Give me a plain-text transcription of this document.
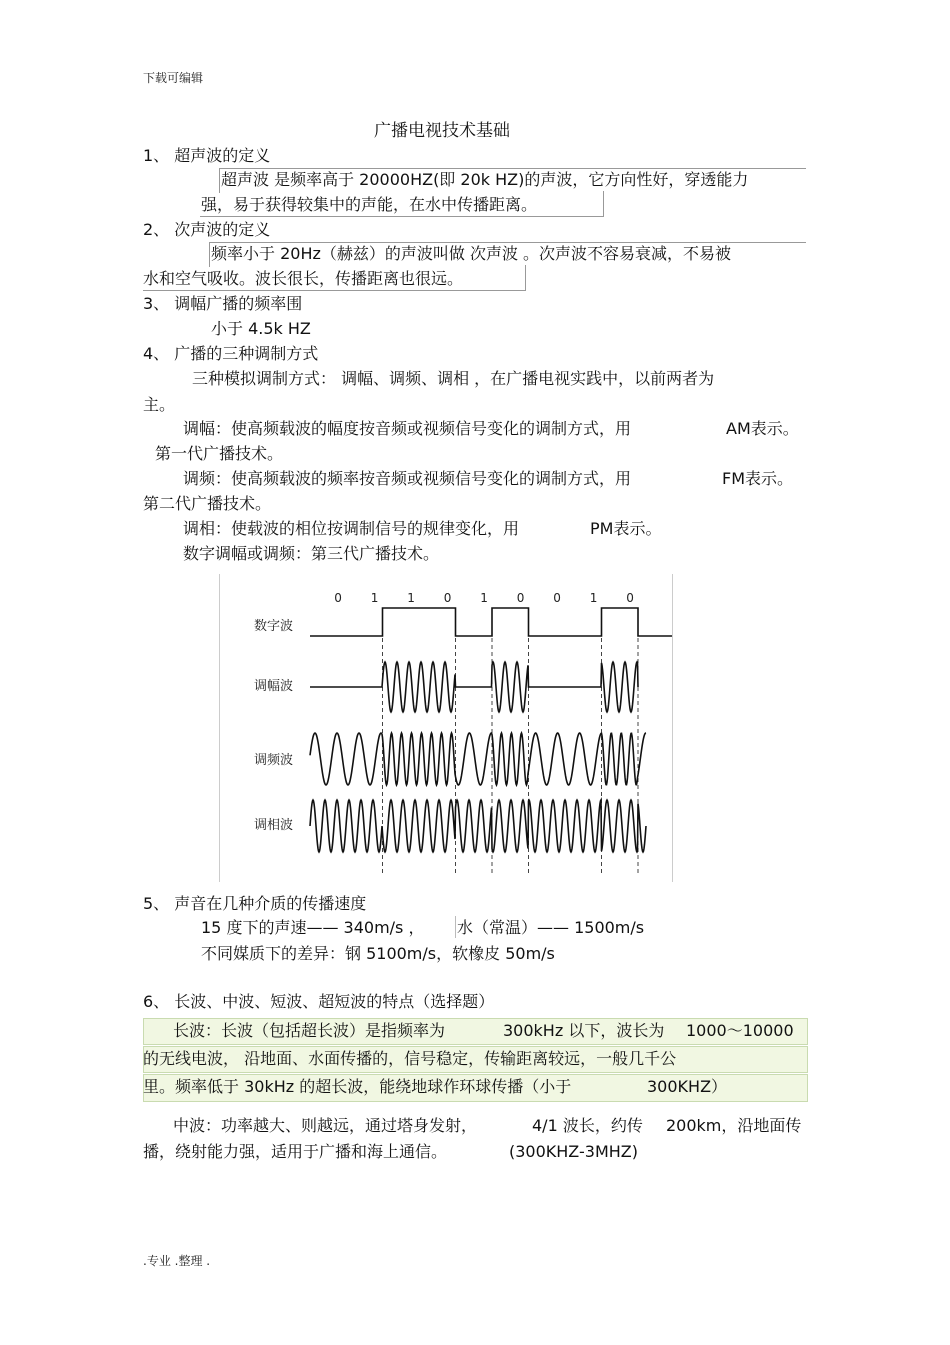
下载可编辑
.专业 .整理 .
广播电视技术基础
1、 超声波的定义
超声波 是频率高于 20000HZ(即 20k HZ)的声波，它方向性好，穿透能力
强，易于获得较集中的声能，在水中传播距离。
2、 次声波的定义
频率小于 20Hz（赫兹）的声波叫做 次声波 。次声波不容易衰减，不易被
水和空气吸收。波长很长，传播距离也很远。
3、 调幅广播的频率围
小于 4.5k HZ
4、 广播的三种调制方式
三种模拟调制方式： 调幅、调频、调相 ，在广播电视实践中，以前两者为
主。
调幅：使高频载波的幅度按音频或视频信号变化的调制方式，用	AM表示。
第一代广播技术。
调频：使高频载波的频率按音频或视频信号变化的调制方式，用	FM表示。
第二代广播技术。
调相：使载波的相位按调制信号的规律变化，用	PM表示。
数字调幅或调频：第三代广播技术。
数字波
调幅波
调频波
调相波
0 1 1 0 1 0 0 1 0
5、 声音在几种介质的传播速度
15 度下的声速—— 340m/s ， 水（常温）—— 1500m/s
不同媒质下的差异：钢 5100m/s，软橡皮 50m/s
6、 长波、中波、短波、超短波的特点（选择题）
长波：长波（包括超长波）是指频率为	300kHz 以下，波长为 1000～10000
的无线电波， 沿地面、水面传播的，信号稳定，传输距离较远，一般几千公
里。频率低于 30kHz 的超长波，能绕地球作环球传播（小于	300KHZ）
中波：功率越大、则越远，通过塔身发射，	4/1 波长，约传 200km，沿地面传
播，绕射能力强，适用于广播和海上通信。	(300KHZ-3MHZ)
